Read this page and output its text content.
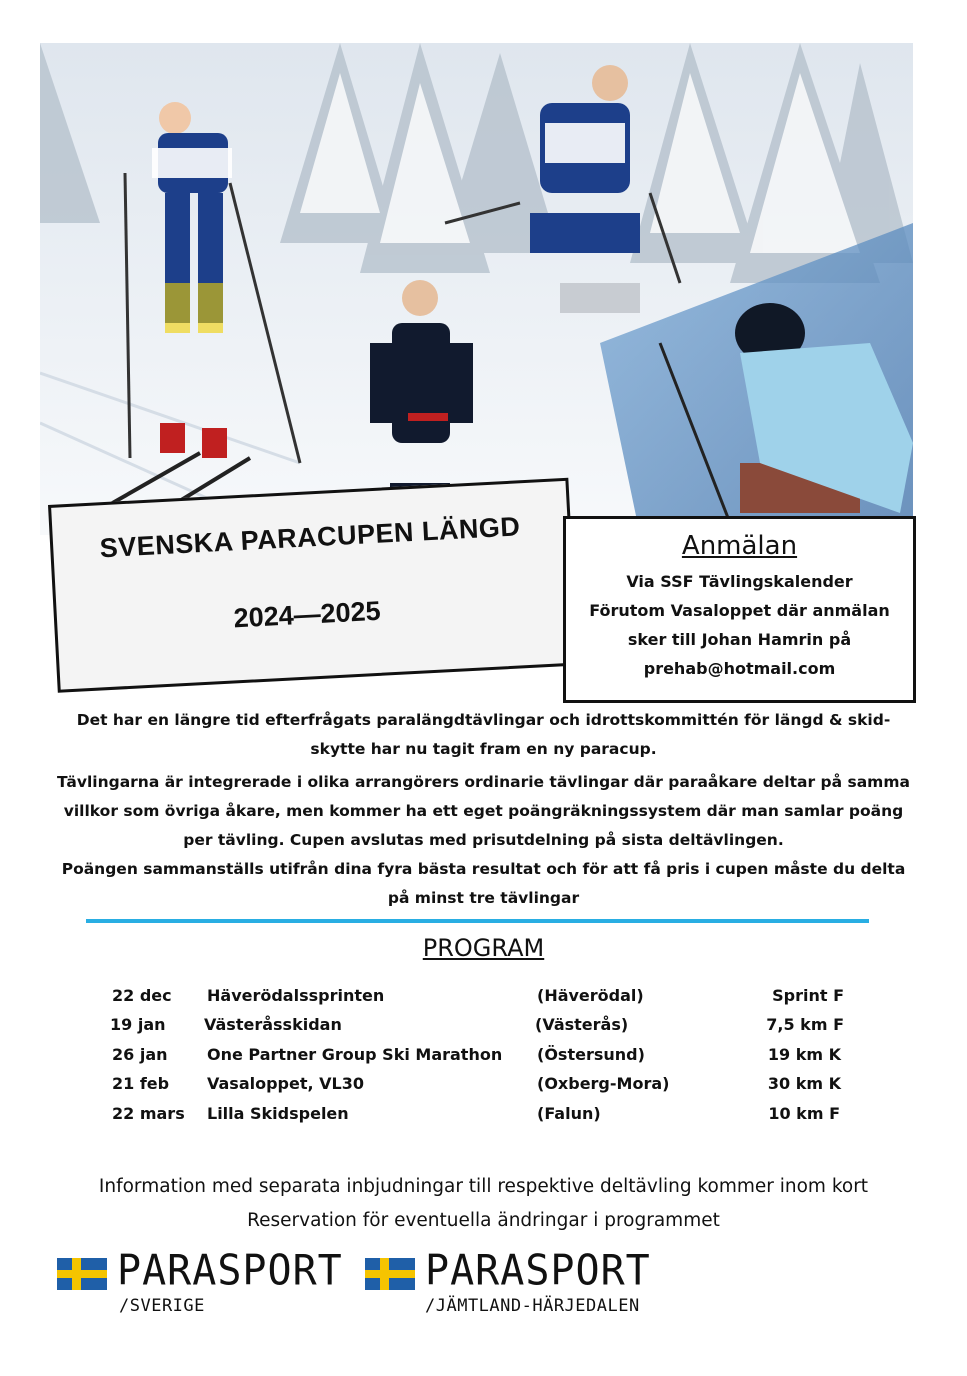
SVENSKA PARACUPEN LÄNGD
2024—2025
Anmälan
Via SSF Tävlingskalender
Förutom Vasaloppet där anmälan
sker till Johan Hamrin på
prehab@hotmail.com

Det har en längre tid efterfrågats paralängdtävlingar och idrottskommittén för längd & skid-skytte har nu tagit fram en ny paracup.

Tävlingarna är integrerade i olika arrangörers ordinarie tävlingar där paraåkare deltar på samma villkor som övriga åkare, men kommer ha ett eget poängräkningssystem där man samlar poäng per tävling. Cupen avslutas med prisutdelning på sista deltävlingen.

Poängen sammanställs utifrån dina fyra bästa resultat och för att få pris i cupen måste du delta på minst tre tävlingar

PROGRAM
22 dec Häverödalssprinten	(Häverödal)	Sprint F
19 jan Västeråsskidan	(Västerås)	7,5 km F
26 jan One Partner Group Ski Marathon (Östersund)	19 km K
21 feb Vasaloppet, VL30	(Oxberg-Mora)	30 km K
22 mars Lilla Skidspelen	(Falun)	10 km F
Information med separata inbjudningar till respektive deltävling kommer inom kort
Reservation för eventuella ändringar i programmet
PARASPORT
/SVERIGE
PARASPORT
/JÄMTLAND-HÄRJEDALEN
